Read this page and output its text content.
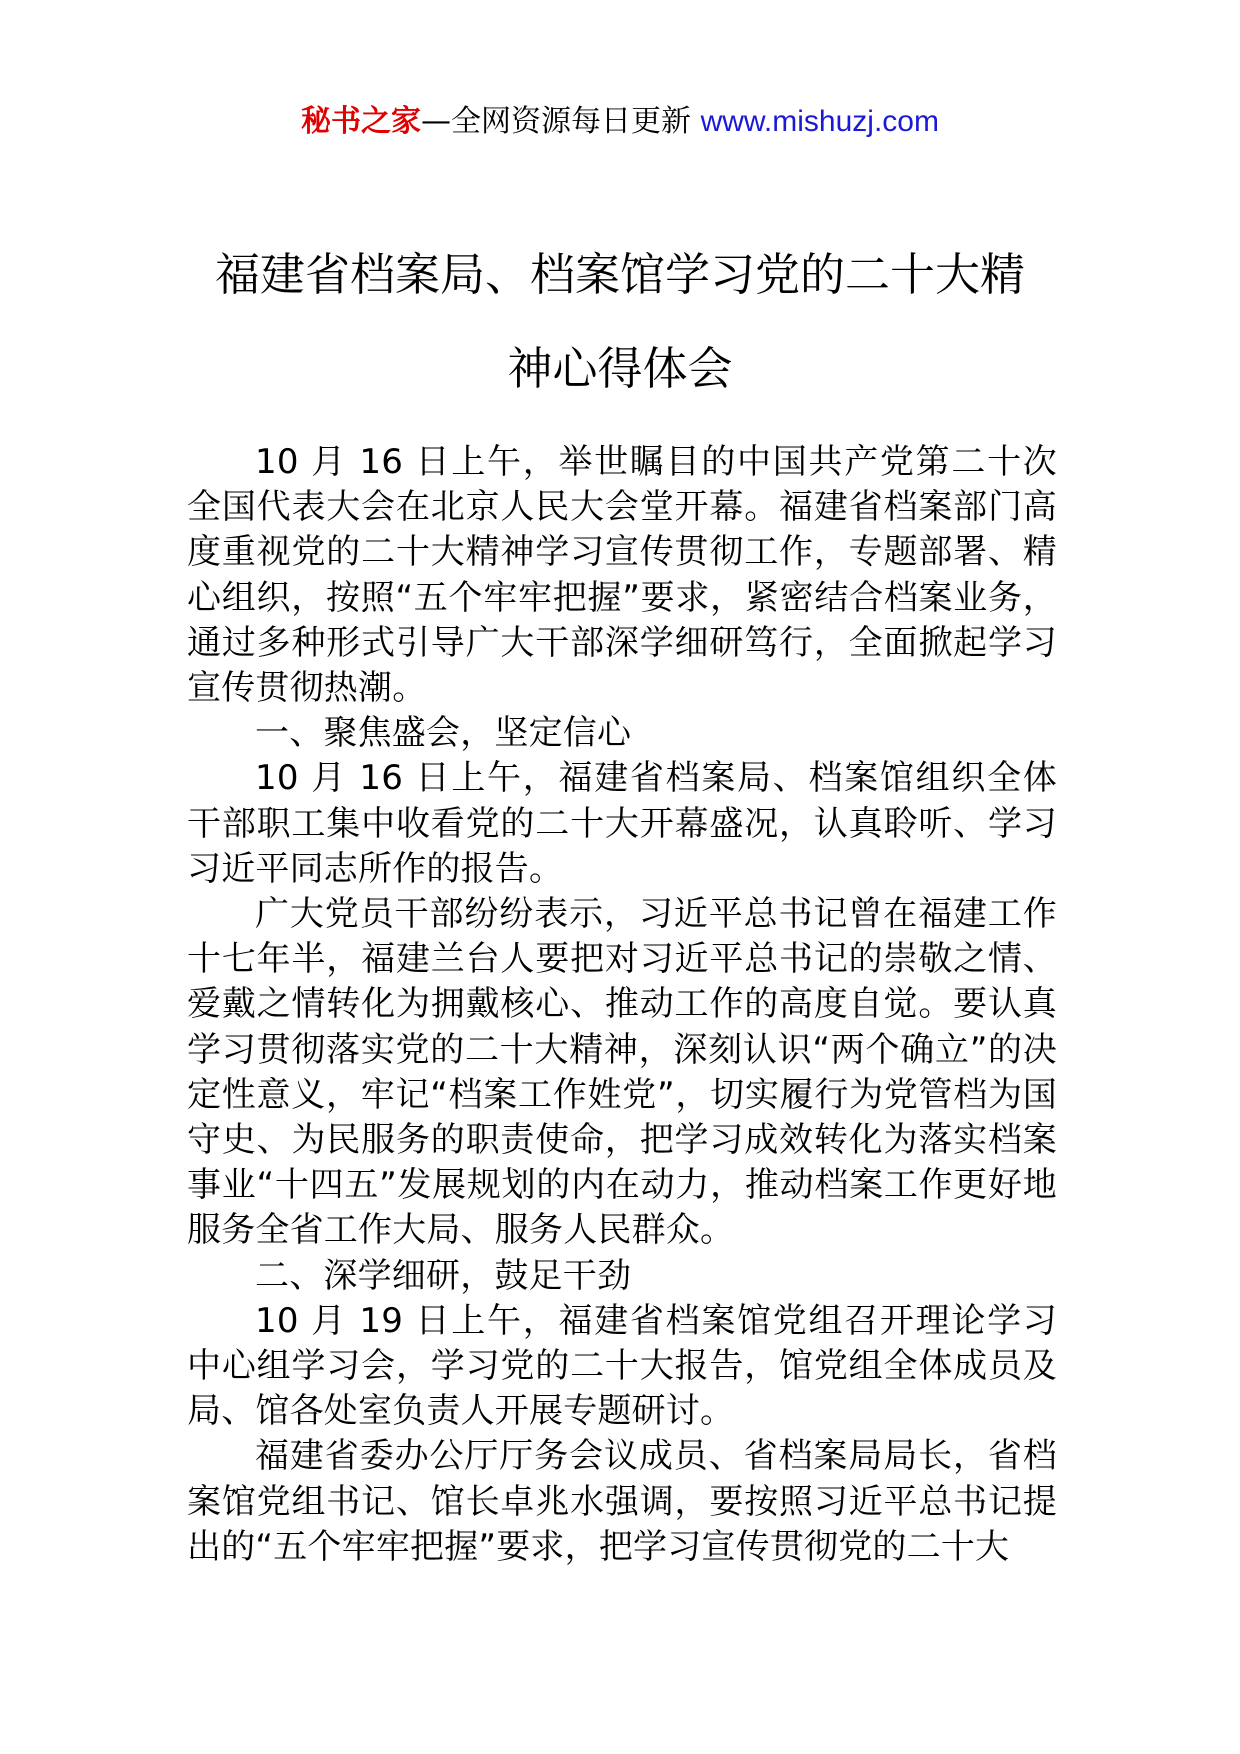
秘书之家—全网资源每日更新 www.mishuzj.com
福建省档案局、档案馆学习党的二十大精
神心得体会

10 月 16 日上午，举世瞩目的中国共产党第二十次全国代表大会在北京人民大会堂开幕。福建省档案部门高度重视党的二十大精神学习宣传贯彻工作，专题部署、精心组织，按照“五个牢牢把握”要求，紧密结合档案业务，通过多种形式引导广大干部深学细研笃行，全面掀起学习宣传贯彻热潮。

一、聚焦盛会，坚定信心

10 月 16 日上午，福建省档案局、档案馆组织全体干部职工集中收看党的二十大开幕盛况，认真聆听、学习习近平同志所作的报告。

广大党员干部纷纷表示，习近平总书记曾在福建工作十七年半，福建兰台人要把对习近平总书记的崇敬之情、爱戴之情转化为拥戴核心、推动工作的高度自觉。要认真学习贯彻落实党的二十大精神，深刻认识“两个确立”的决定性意义，牢记“档案工作姓党”，切实履行为党管档为国守史、为民服务的职责使命，把学习成效转化为落实档案事业“十四五”发展规划的内在动力，推动档案工作更好地服务全省工作大局、服务人民群众。

二、深学细研，鼓足干劲

10 月 19 日上午，福建省档案馆党组召开理论学习中心组学习会，学习党的二十大报告，馆党组全体成员及局、馆各处室负责人开展专题研讨。

福建省委办公厅厅务会议成员、省档案局局长，省档案馆党组书记、馆长卓兆水强调，要按照习近平总书记提出的“五个牢牢把握”要求，把学习宣传贯彻党的二十大
